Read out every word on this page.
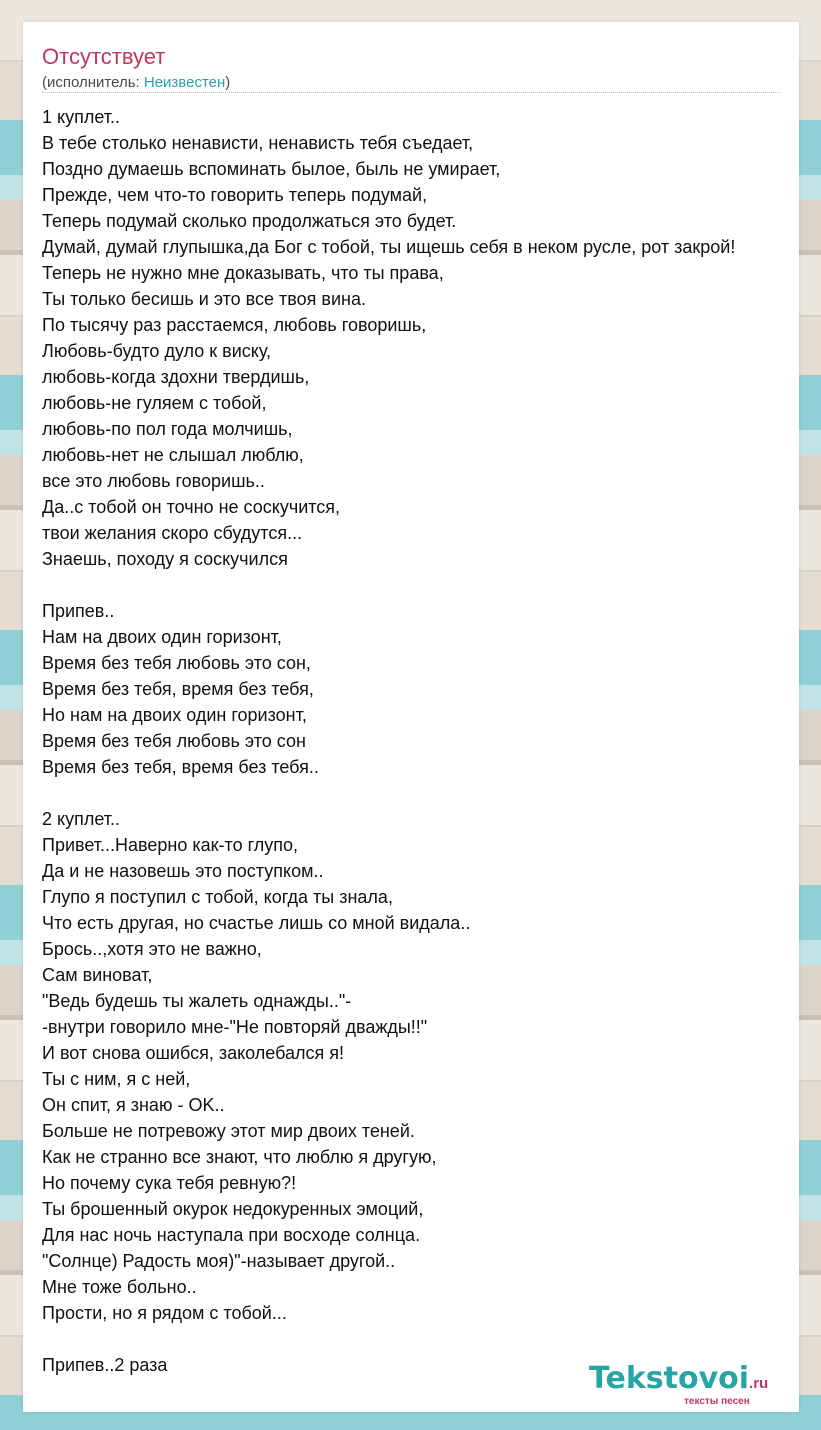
Отсутствует
(исполнитель: Неизвестен)
1 куплет..
В тебе столько ненависти, ненависть тебя съедает,
Поздно думаешь вспоминать былое, быль не умирает,
Прежде, чем что-то говорить теперь подумай,
Теперь подумай сколько продолжаться это будет.
Думай, думай глупышка,да Бог с тобой, ты ищешь себя в неком русле, рот закрой!
Теперь не нужно мне доказывать, что ты права,
Ты только бесишь и это все твоя вина.
По тысячу раз расстаемся, любовь говоришь,
Любовь-будто дуло к виску,
любовь-когда здохни твердишь,
любовь-не гуляем с тобой,
любовь-по пол года молчишь,
любовь-нет не слышал люблю,
все это любовь говоришь..
Да..с тобой он точно не соскучится,
твои желания скоро сбудутся...
Знаешь, походу я соскучился
Припев..
Нам на двоих один горизонт,
Время без тебя любовь это сон,
Время без тебя, время без тебя,
Но нам на двоих один горизонт,
Время без тебя любовь это сон
Время без тебя, время без тебя..
2 куплет..
Привет...Наверно как-то глупо,
Да и не назовешь это поступком..
Глупо я поступил с тобой, когда ты знала,
Что есть другая, но счастье лишь со мной видала..
Брось..,хотя это не важно,
Сам виноват,
"Ведь будешь ты жалеть однажды.."-
-внутри говорило мне-"Не повторяй дважды!!"
И вот снова ошибся, заколебался я!
Ты с ним, я с ней,
Он спит, я знаю - OK..
Больше не потревожу этот мир двоих теней.
Как не странно все знают, что люблю я другую,
Но почему сука тебя ревную?!
Ты брошенный окурок недокуренных эмоций,
Для нас ночь наступала при восходе солнца.
"Солнце) Радость моя)"-называет другой..
Мне тоже больно..
Прости, но я рядом с тобой...
Припев..2 раза	Tekstovoi.ru
тексты песен
